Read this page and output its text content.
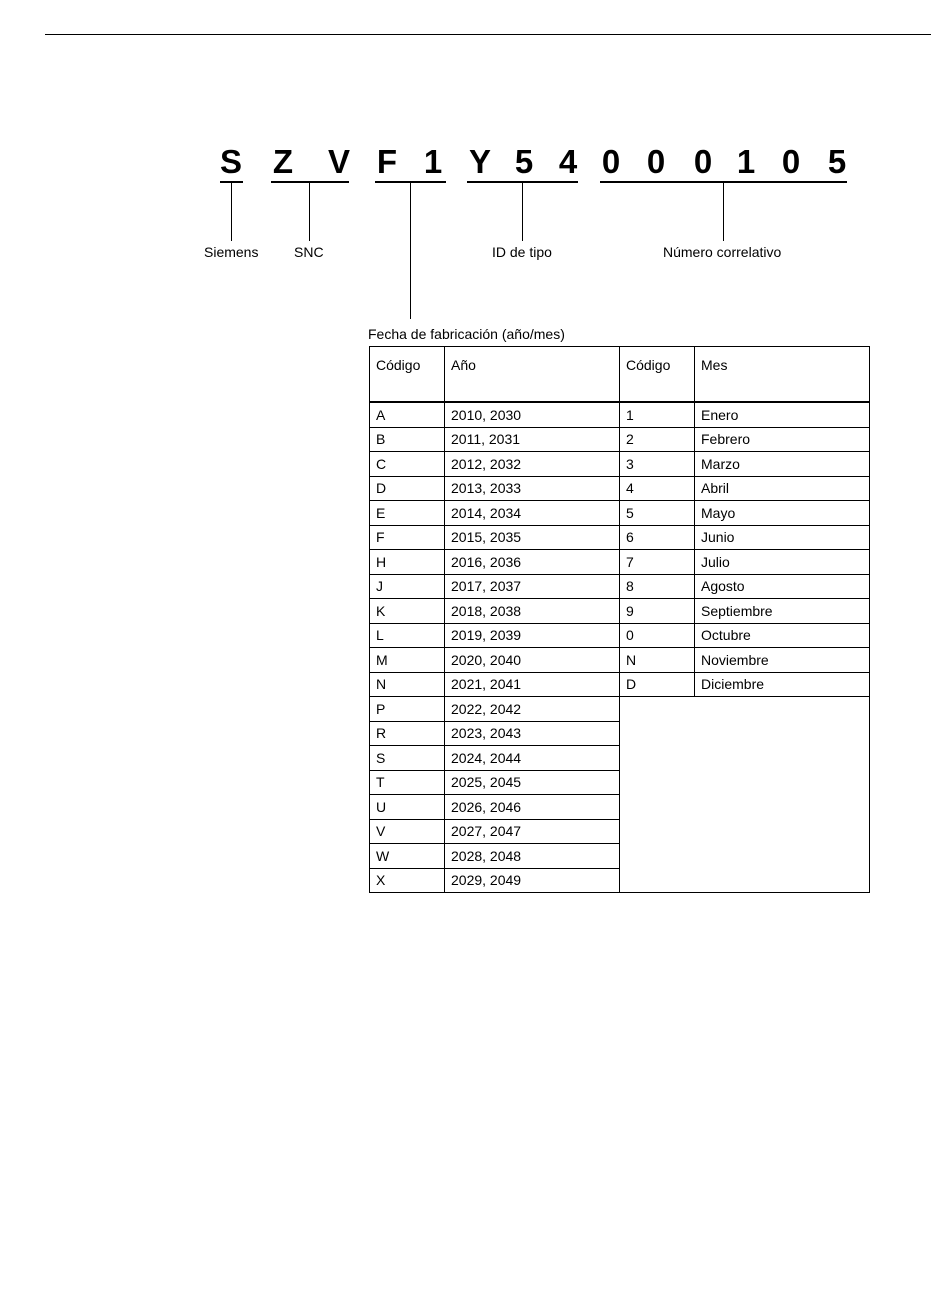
S Z V F 1 Y 5 4 0 0 0 1 0 5
Siemens	SNC	ID de tipo	Número correlativo
Fecha de fabricación (año/mes)
Código	Año	Código	Mes
A	2010, 2030	1	Enero
B	2011, 2031	2	Febrero
C	2012, 2032	3	Marzo
D	2013, 2033	4	Abril
E	2014, 2034	5	Mayo
F	2015, 2035	6	Junio
H	2016, 2036	7	Julio
J	2017, 2037	8	Agosto
K	2018, 2038	9	Septiembre
L	2019, 2039	0	Octubre
M	2020, 2040	N	Noviembre
N	2021, 2041	D	Diciembre
P	2022, 2042		
R	2023, 2043		
S	2024, 2044		
T	2025, 2045		
U	2026, 2046		
V	2027, 2047		
W	2028, 2048		
X	2029, 2049		
